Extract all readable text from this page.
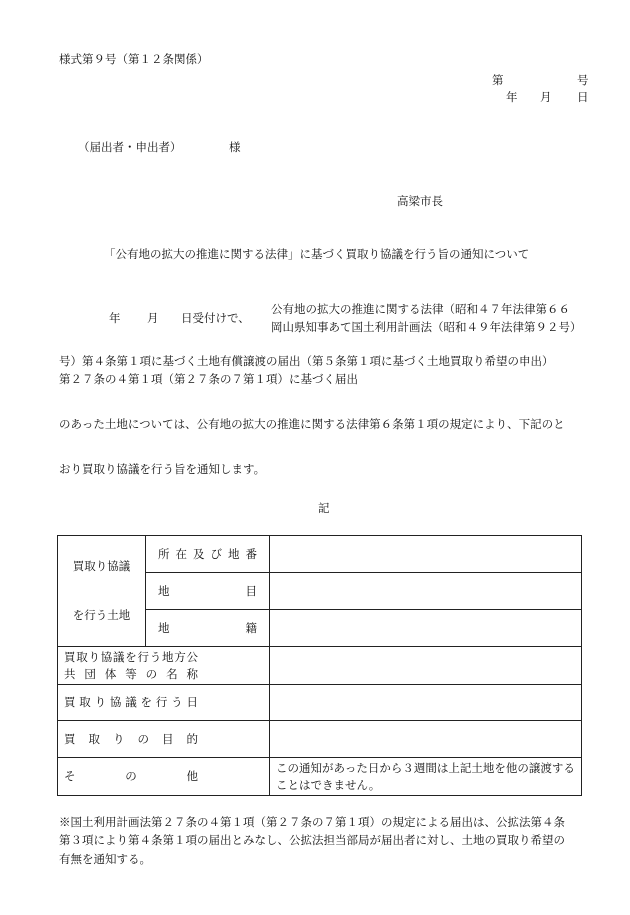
様式第９号（第１２条関係）
第	号
年 月 日
（届出者・申出者）	様
高梁市長
「公有地の拡大の推進に関する法律」に基づく買取り協議を行う旨の通知について
年 月 日受付けで、
公有地の拡大の推進に関する法律（昭和４７年法律第６６
岡山県知事あて国土利用計画法（昭和４９年法律第９２号）
号）第４条第１項に基づく土地有償譲渡の届出（第５条第１項に基づく土地買取り希望の申出）
第２７条の４第１項（第２７条の７第１項）に基づく届出
のあった土地については、公有地の拡大の推進に関する法律第６条第１項の規定により、下記のと
おり買取り協議を行う旨を通知します。
記
買取り協議
を行う土地	所在及び地番	

	地目	

	地籍	

買取り協議を行う地方公
共団体等の名称		

買取り協議を行う日		

買取りの目的		

その他		この通知があった日から３週間は上記土地を他の譲渡することはできません。
※国土利用計画法第２７条の４第１項（第２７条の７第１項）の規定による届出は、公拡法第４条
第３項により第４条第１項の届出とみなし、公拡法担当部局が届出者に対し、土地の買取り希望の
有無を通知する。
